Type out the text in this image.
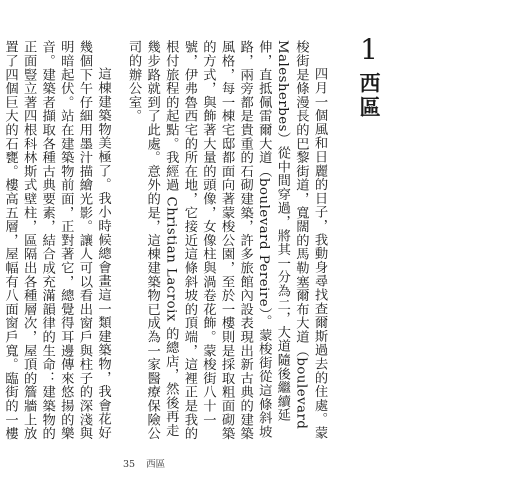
1
西區

四月一個風和日麗的日子，我動身尋找查爾斯過去的住處。蒙梭街是條漫長的巴黎街道，寬闊的馬勒塞爾布大道（boulevard Malesherbes）從中間穿過，將其一分為二，大道隨後繼續延伸，直抵佩雷爾大道（boulevard Pereire）。蒙梭街從這條斜坡路，兩旁都是貴重的石砌建築，許多旅館內設表現出新古典的建築風格，每一棟宅邸都面向著蒙梭公園，至於一樓則是採取粗面砌築的方式，與飾著大量的頭像，女像柱與渦卷花飾。蒙梭街八十一號，伊弗魯西宅的所在地，它接近這條斜坡的頂端，這裡正是我的根付旅程的起點。我經過 Christian Lacroix 的總店，然後再走幾步路就到了此處。意外的是，這棟建築物已成為一家醫療保險公司的辦公室。

這棟建築物美極了。我小時候總會畫這一類建築物，我會花好幾個下午仔細用墨汁描繪光影。讓人可以看出窗戶與柱子的深淺與明暗起伏。站在建築物前面，正對著它，總覺得耳邊傳來悠揚的樂音。建築者擷取各種古典要素，結合成充滿韻律的生命：建築物的正面豎立著四根科林斯式壁柱，區隔出各種層次，屋頂的簷牆上放置了四個巨大的石甕。樓高五層，屋幅有八面窗戶寬。臨街的一樓

35 西區
